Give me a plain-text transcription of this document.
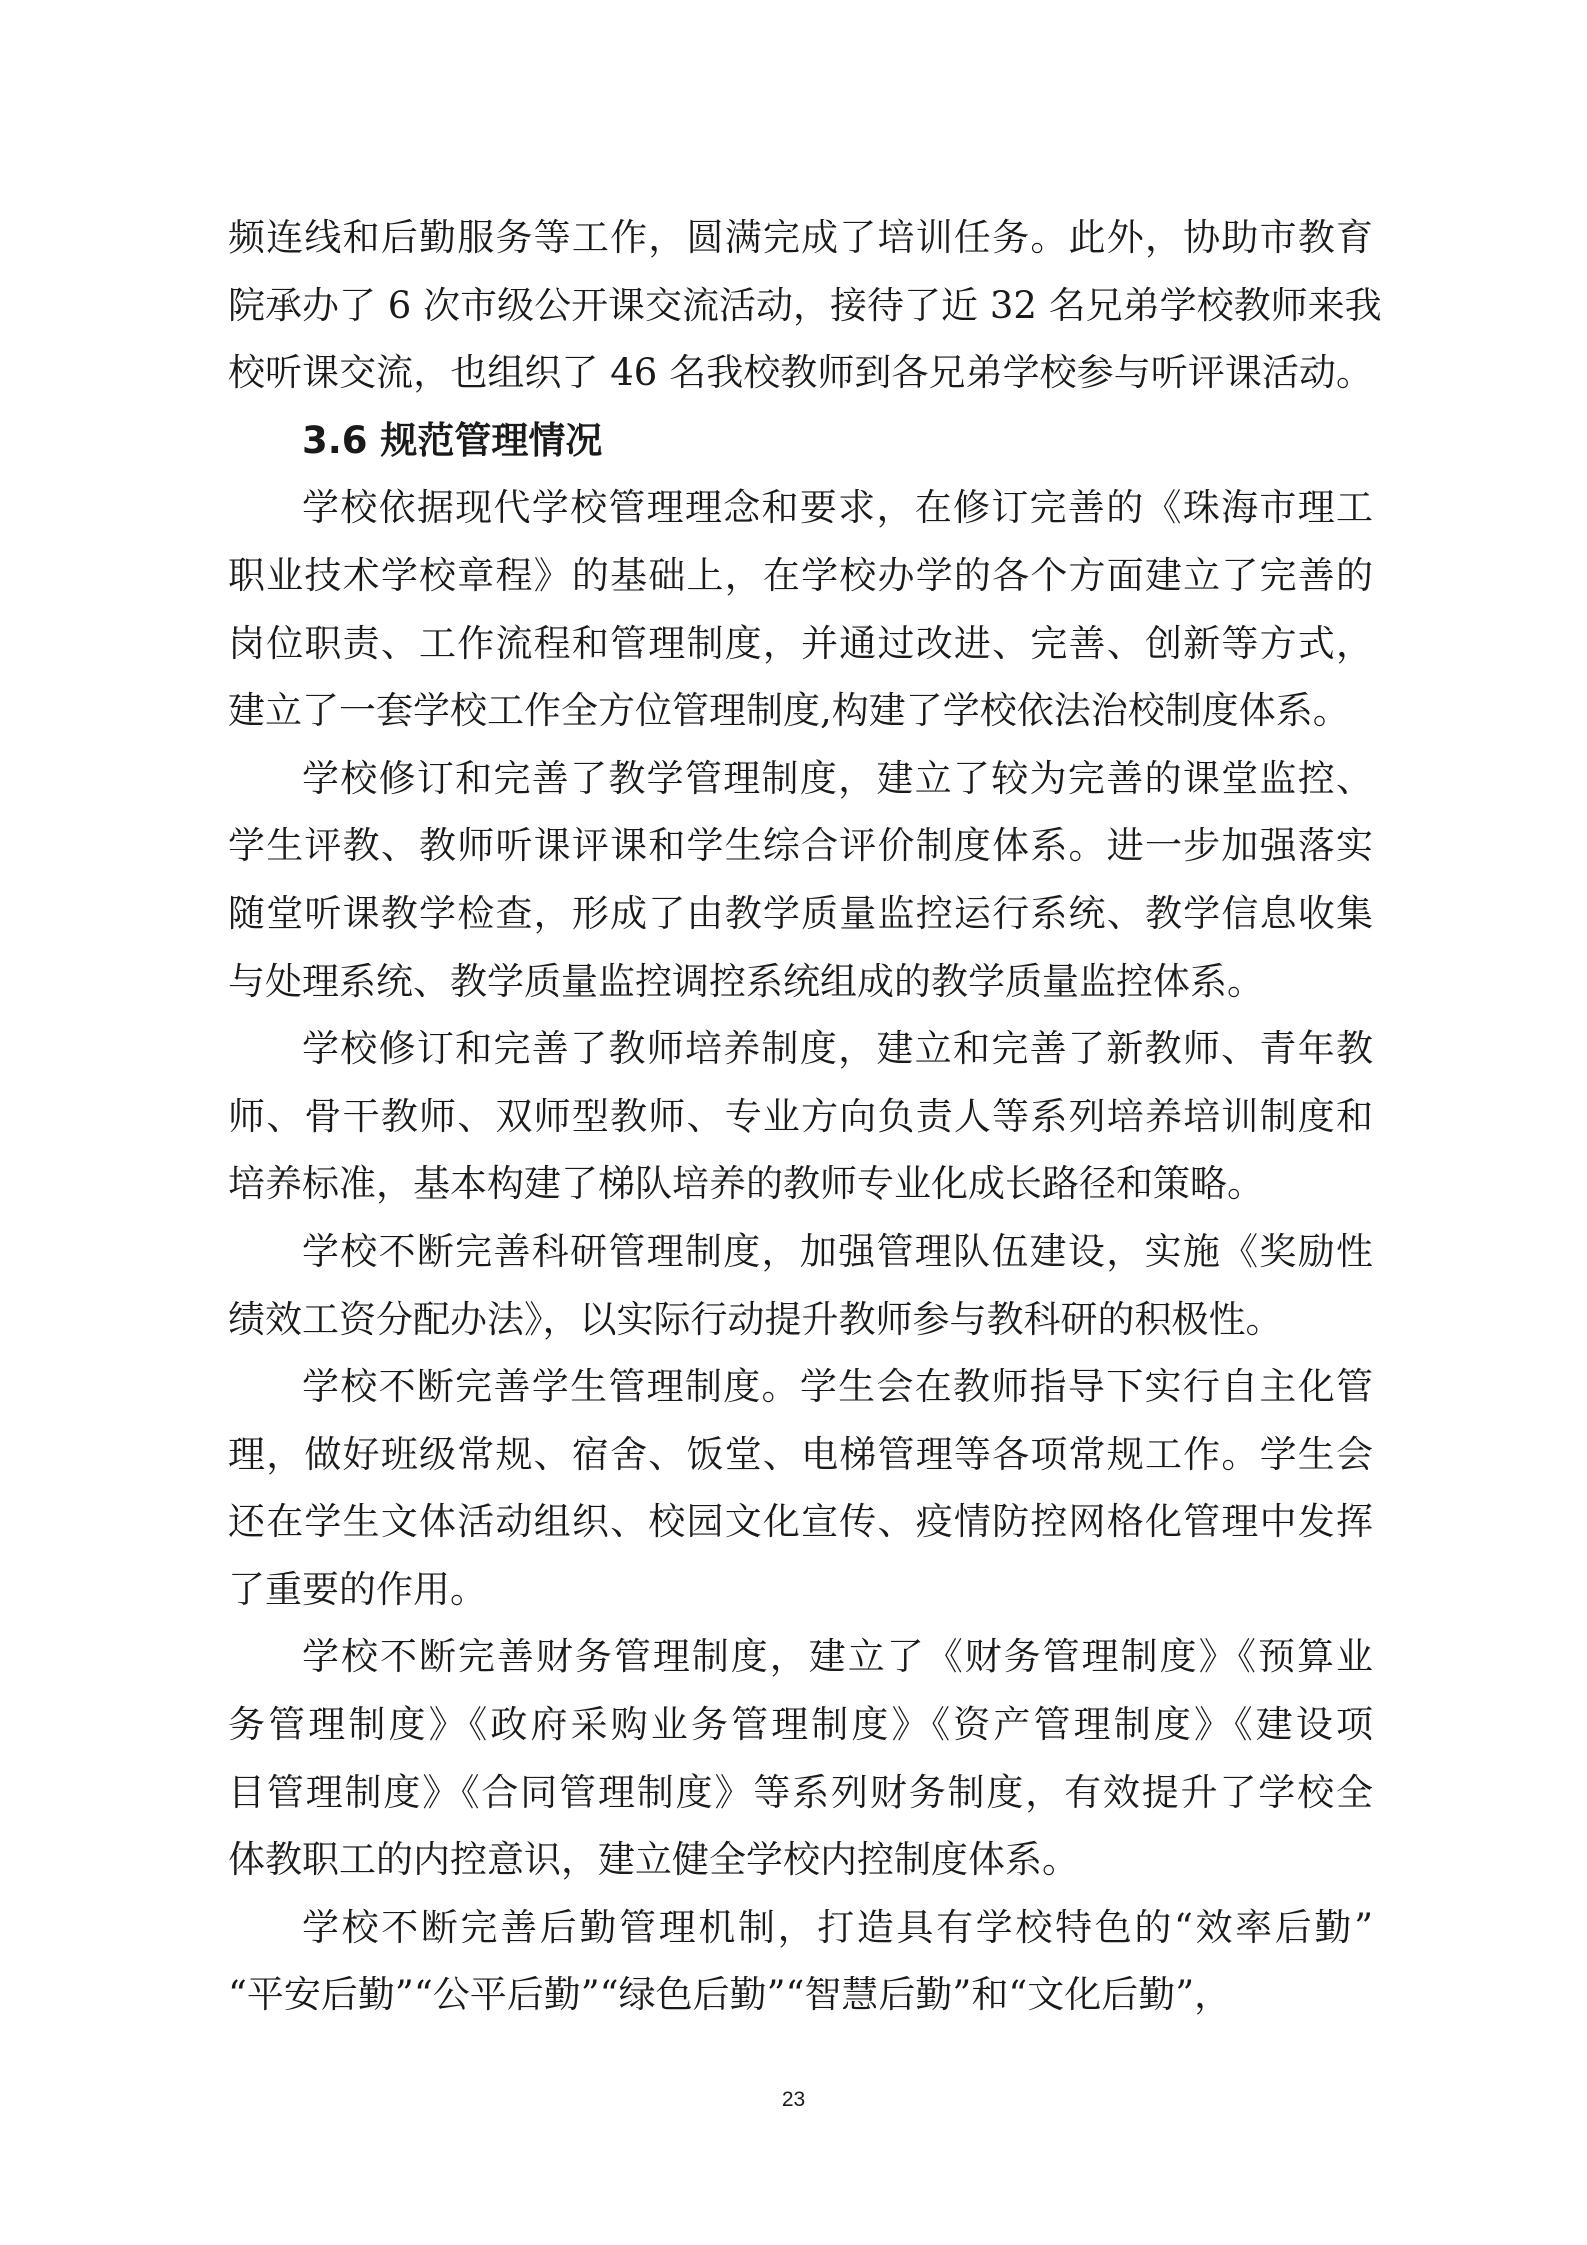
频连线和后勤服务等工作，圆满完成了培训任务。此外，协助市教育
院承办了 6 次市级公开课交流活动，接待了近 32 名兄弟学校教师来我
校听课交流，也组织了 46 名我校教师到各兄弟学校参与听评课活动。
3.6 规范管理情况
学校依据现代学校管理理念和要求，在修订完善的《珠海市理工
职业技术学校章程》的基础上，在学校办学的各个方面建立了完善的
岗位职责、工作流程和管理制度，并通过改进、完善、创新等方式，
建立了一套学校工作全方位管理制度,构建了学校依法治校制度体系。
学校修订和完善了教学管理制度，建立了较为完善的课堂监控、
学生评教、教师听课评课和学生综合评价制度体系。进一步加强落实
随堂听课教学检查，形成了由教学质量监控运行系统、教学信息收集
与处理系统、教学质量监控调控系统组成的教学质量监控体系。
学校修订和完善了教师培养制度，建立和完善了新教师、青年教
师、骨干教师、双师型教师、专业方向负责人等系列培养培训制度和
培养标准，基本构建了梯队培养的教师专业化成长路径和策略。
学校不断完善科研管理制度，加强管理队伍建设，实施《奖励性
绩效工资分配办法》，以实际行动提升教师参与教科研的积极性。
学校不断完善学生管理制度。学生会在教师指导下实行自主化管
理，做好班级常规、宿舍、饭堂、电梯管理等各项常规工作。学生会
还在学生文体活动组织、校园文化宣传、疫情防控网格化管理中发挥
了重要的作用。
学校不断完善财务管理制度，建立了《财务管理制度》《预算业
务管理制度》《政府采购业务管理制度》《资产管理制度》《建设项
目管理制度》《合同管理制度》等系列财务制度，有效提升了学校全
体教职工的内控意识，建立健全学校内控制度体系。
学校不断完善后勤管理机制，打造具有学校特色的“效率后勤”
“平安后勤”“公平后勤”“绿色后勤”“智慧后勤”和“文化后勤”，
23
